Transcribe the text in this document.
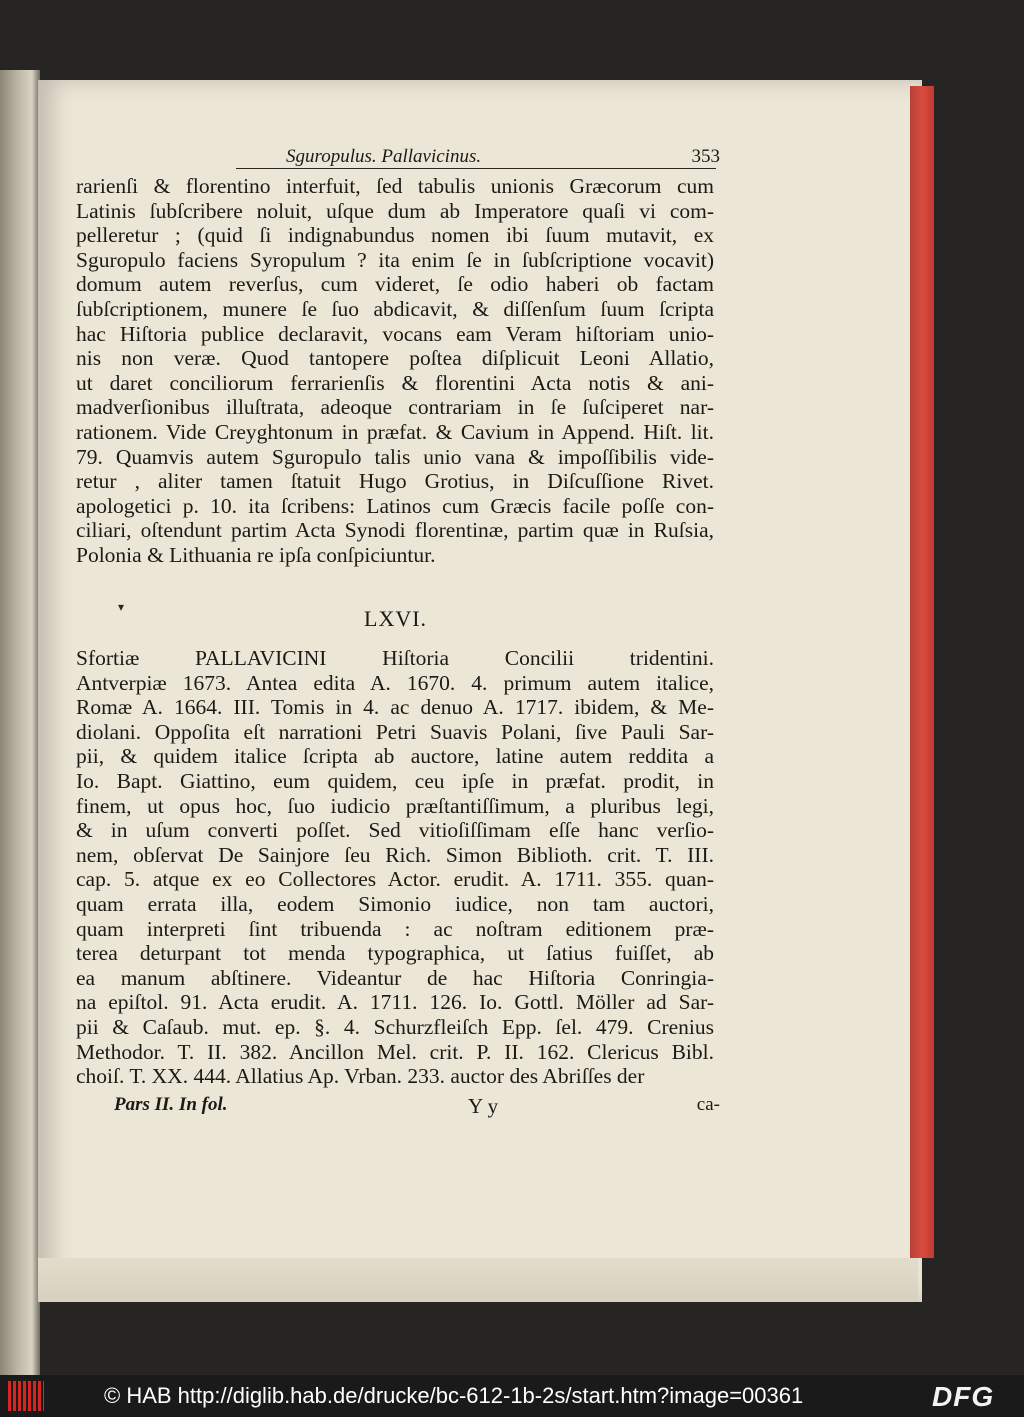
Sguropulus. Pallavicinus.	353
rarienſi & florentino interfuit, ſed tabulis unionis Græcorum cum
Latinis ſubſcribere noluit, uſque dum ab Imperatore quaſi vi com-
pelleretur ; (quid ſi indignabundus nomen ibi ſuum mutavit, ex
Sguropulo faciens Syropulum ? ita enim ſe in ſubſcriptione vocavit)
domum autem reverſus, cum videret, ſe odio haberi ob factam
ſubſcriptionem, munere ſe ſuo abdicavit, & diſſenſum ſuum ſcripta
hac Hiſtoria publice declaravit, vocans eam Veram hiſtoriam unio-
nis non veræ. Quod tantopere poſtea diſplicuit Leoni Allatio,
ut daret conciliorum ferrarienſis & florentini Acta notis & ani-
madverſionibus illuſtrata, adeoque contrariam in ſe ſuſciperet nar-
rationem. Vide Creyghtonum in præfat. & Cavium in Append. Hiſt. lit.
79. Quamvis autem Sguropulo talis unio vana & impoſſibilis vide-
retur , aliter tamen ſtatuit Hugo Grotius, in Diſcuſſione Rivet.
apologetici p. 10. ita ſcribens: Latinos cum Græcis facile poſſe con-
ciliari, oſtendunt partim Acta Synodi florentinæ, partim quæ in Ruſsia,
Polonia & Lithuania re ipſa conſpiciuntur.
▾	LXVI.
Sfortiæ PALLAVICINI Hiſtoria Concilii tridentini.
Antverpiæ 1673. Antea edita A. 1670. 4. primum autem italice,
Romæ A. 1664. III. Tomis in 4. ac denuo A. 1717. ibidem, & Me-
diolani. Oppoſita eſt narrationi Petri Suavis Polani, ſive Pauli Sar-
pii, & quidem italice ſcripta ab auctore, latine autem reddita a
Io. Bapt. Giattino, eum quidem, ceu ipſe in præfat. prodit, in
finem, ut opus hoc, ſuo iudicio præſtantiſſimum, a pluribus legi,
& in uſum converti poſſet. Sed vitioſiſſimam eſſe hanc verſio-
nem, obſervat De Sainjore ſeu Rich. Simon Biblioth. crit. T. III.
cap. 5. atque ex eo Collectores Actor. erudit. A. 1711. 355. quan-
quam errata illa, eodem Simonio iudice, non tam auctori,
quam interpreti ſint tribuenda : ac noſtram editionem præ-
terea deturpant tot menda typographica, ut ſatius fuiſſet, ab
ea manum abſtinere. Videantur de hac Hiſtoria Conringia-
na epiſtol. 91. Acta erudit. A. 1711. 126. Io. Gottl. Möller ad Sar-
pii & Caſaub. mut. ep. §. 4. Schurzfleiſch Epp. ſel. 479. Crenius
Methodor. T. II. 382. Ancillon Mel. crit. P. II. 162. Clericus Bibl.
choiſ. T. XX. 444. Allatius Ap. Vrban. 233. auctor des Abriſſes der
Pars II. In fol.	Y y	ca-
© HAB http://diglib.hab.de/drucke/bc-612-1b-2s/start.htm?image=00361	DFG
